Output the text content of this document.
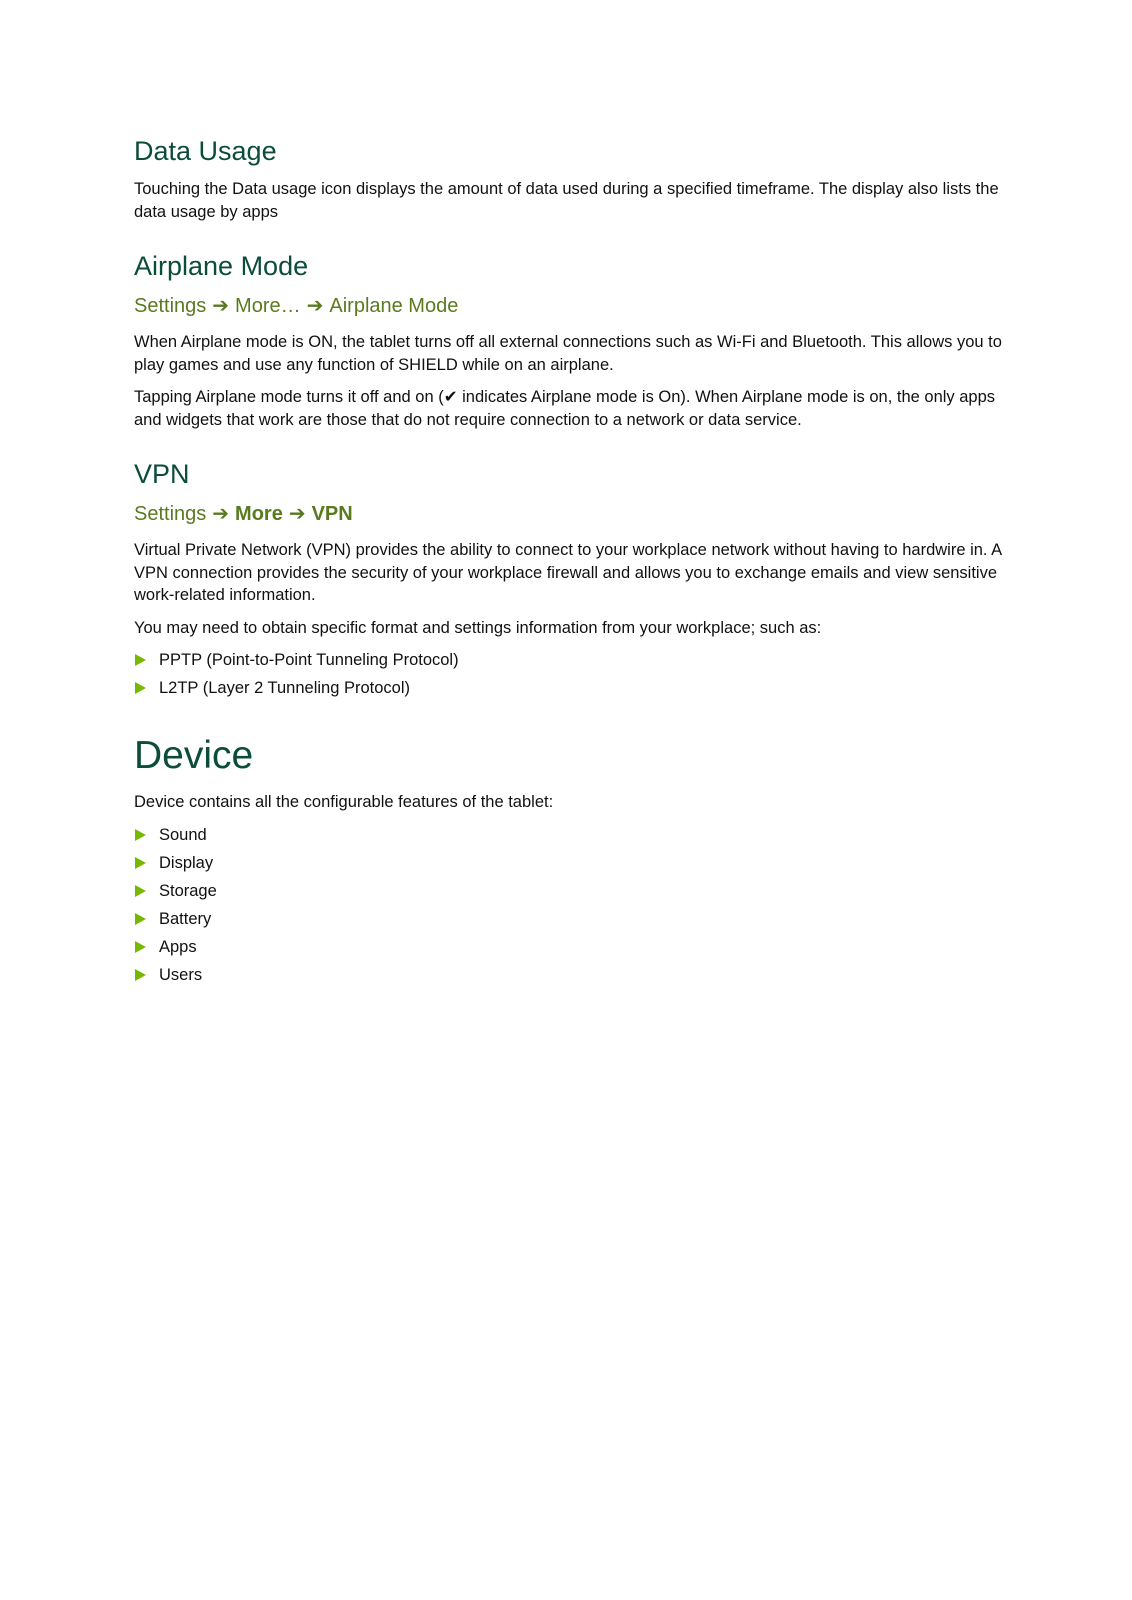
Data Usage

Touching the Data usage icon displays the amount of data used during a specified timeframe. The display also lists the data usage by apps

Airplane Mode
Settings ➔ More… ➔ Airplane Mode

When Airplane mode is ON, the tablet turns off all external connections such as Wi-Fi and Bluetooth. This allows you to play games and use any function of SHIELD while on an airplane.

Tapping Airplane mode turns it off and on (✔ indicates Airplane mode is On). When Airplane mode is on, the only apps and widgets that work are those that do not require connection to a network or data service.

VPN
Settings ➔ More ➔ VPN

Virtual Private Network (VPN) provides the ability to connect to your workplace network without having to hardwire in. A VPN connection provides the security of your workplace firewall and allows you to exchange emails and view sensitive work-related information.

You may need to obtain specific format and settings information from your workplace; such as:

PPTP (Point-to-Point Tunneling Protocol)
L2TP (Layer 2 Tunneling Protocol)
Device

Device contains all the configurable features of the tablet:

Sound
Display
Storage
Battery
Apps
Users
